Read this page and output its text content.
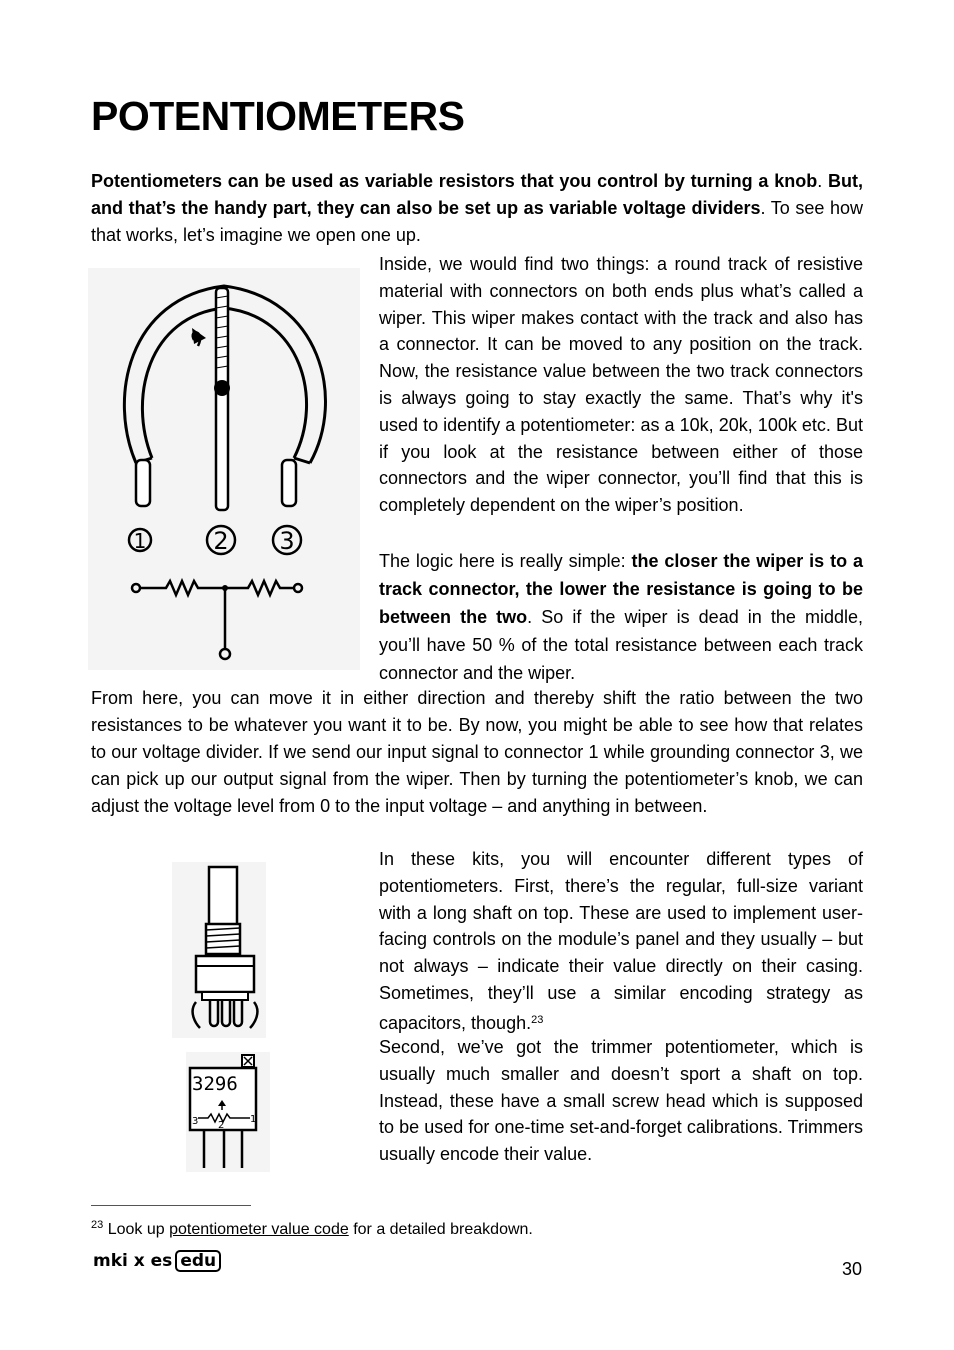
POTENTIOMETERS

Potentiometers can be used as variable resistors that you control by turning a knob. But, and that’s the handy part, they can also be set up as variable voltage dividers. To see how that works, let’s imagine we open one up.

1	2 3
Inside, we would find two things: a round track of resistive material with connectors on both ends plus what’s called a wiper. This wiper makes contact with the track and also has a connector. It can be moved to any position on the track. Now, the resistance value between the two track connectors is always going to stay exactly the same. That’s why it's used to identify a potentiometer: as a 10k, 20k, 100k etc. But if you look at the resistance between either of those connectors and the wiper connector, you’ll find that this is completely dependent on the wiper’s position.
The logic here is really simple: the closer the wiper is to a track connector, the lower the resistance is going to be between the two. So if the wiper is dead in the middle, you’ll have 50 % of the total resistance between each track connector and the wiper.

From here, you can move it in either direction and thereby shift the ratio between the two resistances to be whatever you want it to be. By now, you might be able to see how that relates to our voltage divider. If we send our input signal to connector 1 while grounding connector 3, we can pick up our output signal from the wiper. Then by turning the potentiometer’s knob, we can adjust the voltage level from 0 to the input voltage – and anything in between.

3296
3 2
1
In these kits, you will encounter different types of potentiometers. First, there’s the regular, full-size variant with a long shaft on top. These are used to implement user-facing controls on the module’s panel and they usually – but not always – indicate their value directly on their casing. Sometimes, they’ll use a similar encoding strategy as capacitors, though.$^{23}$
Second, we’ve got the trimmer potentiometer, which is usually much smaller and doesn’t sport a shaft on top. Instead, these have a small screw head which is supposed to be used for one-time set-and-forget calibrations. Trimmers usually encode their value.
$^{23}$ Look up potentiometer value code for a detailed breakdown.
mki x es edu	30
